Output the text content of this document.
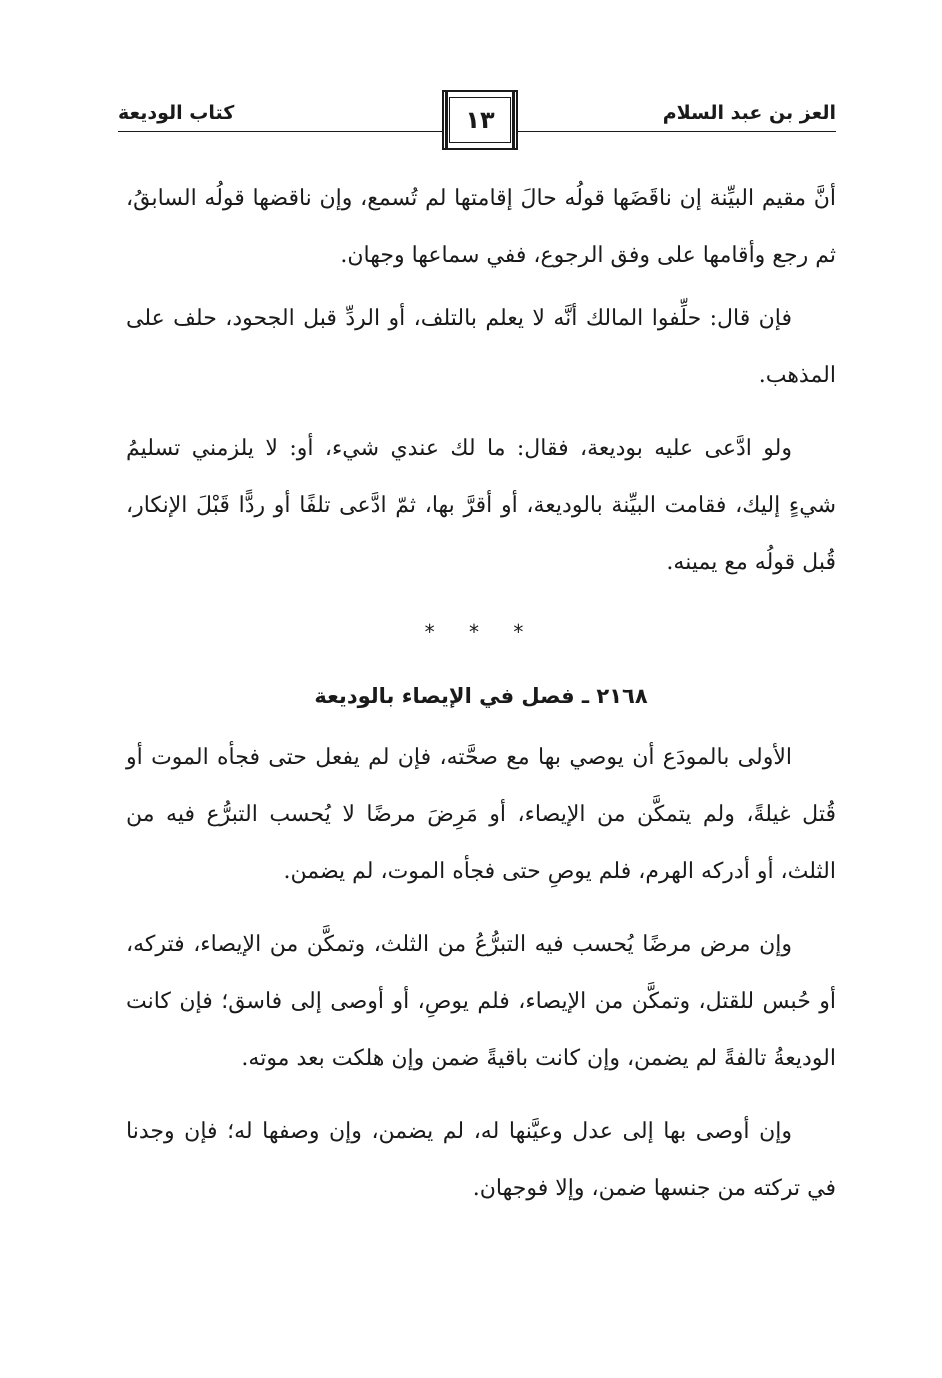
العز بن عبد السلام
كتاب الوديعة	١٣

أنَّ مقيم البيِّنة إن ناقَضَها قولُه حالَ إقامتها لم تُسمع، وإن ناقضها قولُه السابقُ، ثم رجع وأقامها على وفق الرجوع، ففي سماعها وجهان.

فإن قال: حلِّفوا المالك أنَّه لا يعلم بالتلف، أو الردِّ قبل الجحود، حلف على المذهب.

ولو ادَّعى عليه بوديعة، فقال: ما لك عندي شيء، أو: لا يلزمني تسليمُ شيءٍ إليك، فقامت البيِّنة بالوديعة، أو أقرَّ بها، ثمّ ادَّعى تلفًا أو ردًّا قَبْلَ الإنكار، قُبل قولُه مع يمينه.

* * *
٢١٦٨ ـ فصل في الإيصاء بالوديعة

الأولى بالمودَع أن يوصي بها مع صحَّته، فإن لم يفعل حتى فجأه الموت أو قُتل غيلةً، ولم يتمكَّن من الإيصاء، أو مَرِضَ مرضًا لا يُحسب التبرُّع فيه من الثلث، أو أدركه الهرم، فلم يوصِ حتى فجأه الموت، لم يضمن.

وإن مرض مرضًا يُحسب فيه التبرُّعُ من الثلث، وتمكَّن من الإيصاء، فتركه، أو حُبس للقتل، وتمكَّن من الإيصاء، فلم يوصِ، أو أوصى إلى فاسق؛ فإن كانت الوديعةُ تالفةً لم يضمن، وإن كانت باقيةً ضمن وإن هلكت بعد موته.

وإن أوصى بها إلى عدل وعيَّنها له، لم يضمن، وإن وصفها له؛ فإن وجدنا في تركته من جنسها ضمن، وإلا فوجهان.
